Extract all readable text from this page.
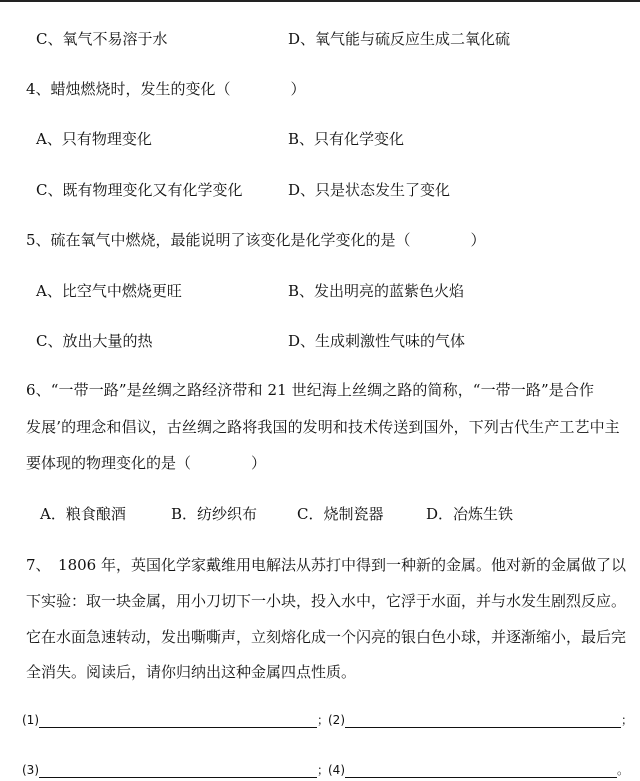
C、氧气不易溶于水	D、氧气能与硫反应生成二氧化硫
4、蜡烛燃烧时，发生的变化（　　　　）
A、只有物理变化	B、只有化学变化
C、既有物理变化又有化学变化	D、只是状态发生了变化
5、硫在氧气中燃烧，最能说明了该变化是化学变化的是（　　　　）
A、比空气中燃烧更旺	B、发出明亮的蓝紫色火焰
C、放出大量的热	D、生成刺激性气味的气体
6、“一带一路”是丝绸之路经济带和 21 世纪海上丝绸之路的简称，“一带一路”是合作
发展’的理念和倡议，古丝绸之路将我国的发明和技术传送到国外，下列古代生产工艺中主
要体现的物理变化的是（　　　　）
A．粮食酿酒	B．纺纱织布	C．烧制瓷器	D．冶炼生铁
7、　1806 年，英国化学家戴维用电解法从苏打中得到一种新的金属。他对新的金属做了以
下实验：取一块金属，用小刀切下一小块，投入水中，它浮于水面，并与水发生剧烈反应。
它在水面急速转动，发出嘶嘶声，立刻熔化成一个闪亮的银白色小球，并逐渐缩小，最后完
全消失。阅读后，请你归纳出这种金属四点性质。
(1)	；
(2)	；
(3)	；
(4)	。
